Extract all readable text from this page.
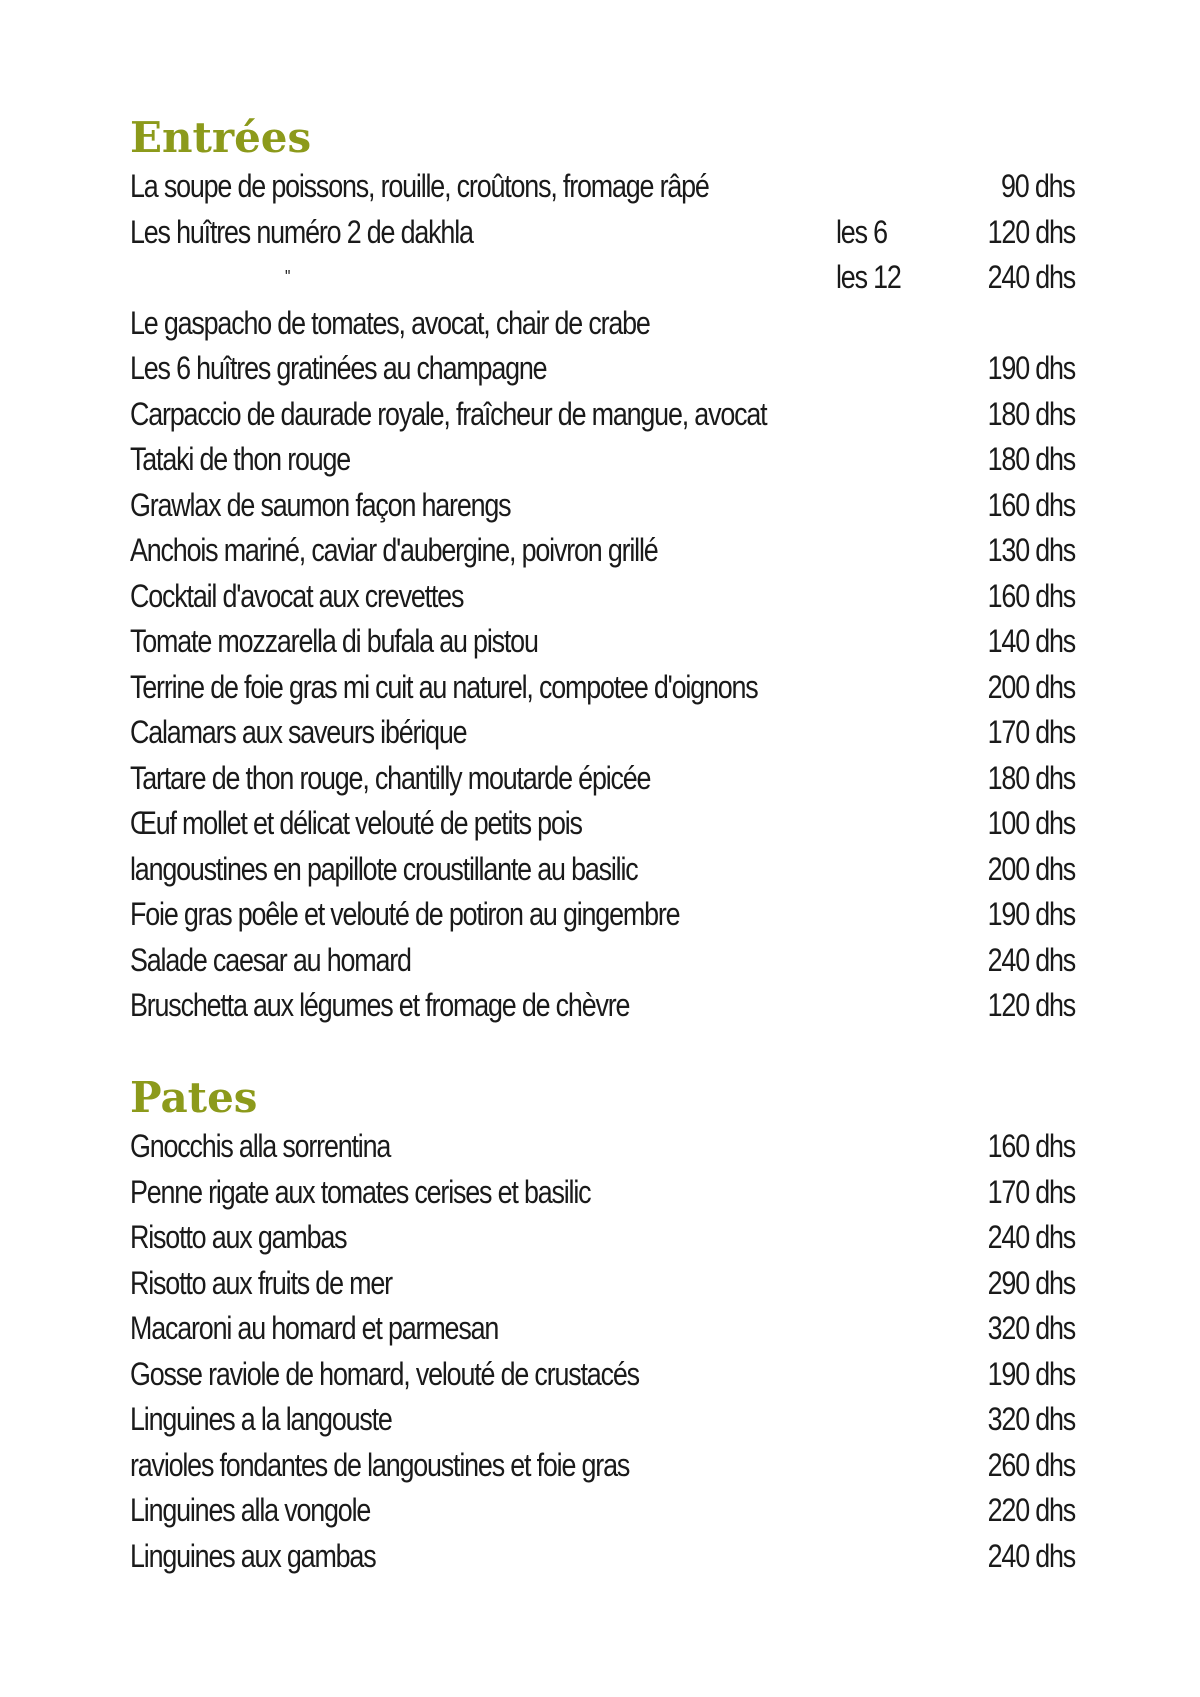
Entrées
La soupe de poissons, rouille, croûtons, fromage râpé	90 dhs
Les huîtres numéro 2 de dakhla	les 6	120 dhs
"	les 12	240 dhs
Le gaspacho de tomates, avocat, chair de crabe
Les 6 huîtres gratinées au champagne	190 dhs
Carpaccio de daurade royale, fraîcheur de mangue, avocat	180 dhs
Tataki de thon rouge	180 dhs
Grawlax de saumon façon harengs	160 dhs
Anchois mariné, caviar d'aubergine, poivron grillé	130 dhs
Cocktail d'avocat aux crevettes	160 dhs
Tomate mozzarella di bufala au pistou	140 dhs
Terrine de foie gras mi cuit au naturel, compotee d'oignons	200 dhs
Calamars aux saveurs ibérique	170 dhs
Tartare de thon rouge, chantilly moutarde épicée	180 dhs
Œuf mollet et délicat velouté de petits pois	100 dhs
langoustines en papillote croustillante au basilic	200 dhs
Foie gras poêle et velouté de potiron au gingembre	190 dhs
Salade caesar au homard	240 dhs
Bruschetta aux légumes et fromage de chèvre	120 dhs
Pates
Gnocchis alla sorrentina	160 dhs
Penne rigate aux tomates cerises et basilic	170 dhs
Risotto aux gambas	240 dhs
Risotto aux fruits de mer	290 dhs
Macaroni au homard et parmesan	320 dhs
Gosse raviole de homard, velouté de crustacés	190 dhs
Linguines a la langouste	320 dhs
ravioles fondantes de langoustines et foie gras	260 dhs
Linguines alla vongole	220 dhs
Linguines aux gambas	240 dhs
